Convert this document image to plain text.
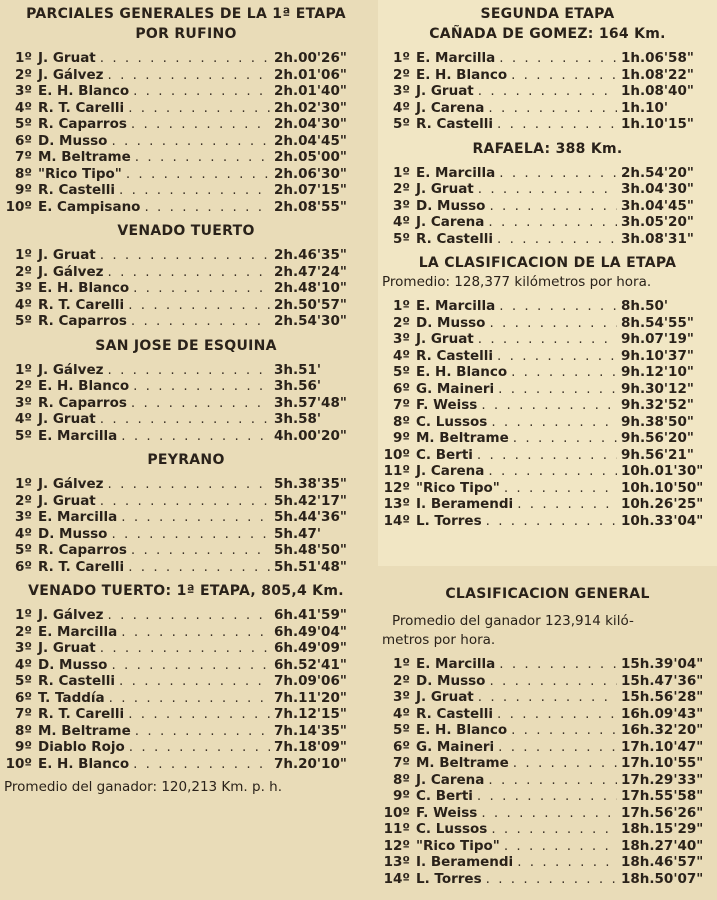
PARCIALES GENERALES DE LA 1ª ETAPA
POR RUFINO
1º J. Gruat . . .	2h.00'26"
2º J. Gálvez . . .	2h.01'06"
3º E. H. Blanco . . .	2h.01'40"
4º R. T. Carelli . . .	2h.02'30"
5º R. Caparros . . .	2h.04'30"
6º D. Musso . . .	2h.04'45"
7º M. Beltrame . . .	2h.05'00"
8º "Rico Tipo" . . .	2h.06'30"
9º R. Castelli . . .	2h.07'15"
10º E. Campisano . . .	2h.08'55"
VENADO TUERTO
1º J. Gruat . . .	2h.46'35"
2º J. Gálvez . . .	2h.47'24"
3º E. H. Blanco . . .	2h.48'10"
4º R. T. Carelli . . .	2h.50'57"
5º R. Caparros . . .	2h.54'30"
SAN JOSE DE ESQUINA
1º J. Gálvez . . .	3h.51'
2º E. H. Blanco . . .	3h.56'
3º R. Caparros . . .	3h.57'48"
4º J. Gruat . . .	3h.58'
5º E. Marcilla . . .	4h.00'20"
PEYRANO
1º J. Gálvez . . .	5h.38'35"
2º J. Gruat . . .	5h.42'17"
3º E. Marcilla . . .	5h.44'36"
4º D. Musso . . .	5h.47'
5º R. Caparros . . .	5h.48'50"
6º R. T. Carelli . . .	5h.51'48"
VENADO TUERTO: 1ª ETAPA, 805,4 Km.
1º J. Gálvez . . .	6h.41'59"
2º E. Marcilla . . .	6h.49'04"
3º J. Gruat . . .	6h.49'09"
4º D. Musso . . .	6h.52'41"
5º R. Castelli . . .	7h.09'06"
6º T. Taddía . . .	7h.11'20"
7º R. T. Carelli . . .	7h.12'15"
8º M. Beltrame . . .	7h.14'35"
9º Diablo Rojo . . .	7h.18'09"
10º E. H. Blanco . . .	7h.20'10"
Promedio del ganador: 120,213 Km. p. h.
SEGUNDA ETAPA
CAÑADA DE GOMEZ: 164 Km.
1º E. Marcilla . . .	1h.06'58"
2º E. H. Blanco . . .	1h.08'22"
3º J. Gruat . . .	1h.08'40"
4º J. Carena . . .	1h.10'
5º R. Castelli . . .	1h.10'15"
RAFAELA: 388 Km.
1º E. Marcilla . . .	2h.54'20"
2º J. Gruat . . .	3h.04'30"
3º D. Musso . . .	3h.04'45"
4º J. Carena . . .	3h.05'20"
5º R. Castelli . . .	3h.08'31"
LA CLASIFICACION DE LA ETAPA
Promedio: 128,377 kilómetros por hora.
1º E. Marcilla . . .	8h.50'
2º D. Musso . . .	8h.54'55"
3º J. Gruat . . .	9h.07'19"
4º R. Castelli . . .	9h.10'37"
5º E. H. Blanco . . .	9h.12'10"
6º G. Maineri . . .	9h.30'12"
7º F. Weiss . . .	9h.32'52"
8º C. Lussos . . .	9h.38'50"
9º M. Beltrame . . .	9h.56'20"
10º C. Berti . . .	9h.56'21"
11º J. Carena . . .	10h.01'30"
12º "Rico Tipo" . . .	10h.10'50"
13º I. Beramendi . . .	10h.26'25"
14º L. Torres . . .	10h.33'04"
CLASIFICACION GENERAL
Promedio del ganador 123,914 kiló-
metros por hora.
1º E. Marcilla . . .	15h.39'04"
2º D. Musso . . .	15h.47'36"
3º J. Gruat . . .	15h.56'28"
4º R. Castelli . . .	16h.09'43"
5º E. H. Blanco . . .	16h.32'20"
6º G. Maineri . . .	17h.10'47"
7º M. Beltrame . . .	17h.10'55"
8º J. Carena . . .	17h.29'33"
9º C. Berti . . .	17h.55'58"
10º F. Weiss . . .	17h.56'26"
11º C. Lussos . . .	18h.15'29"
12º "Rico Tipo" . . .	18h.27'40"
13º I. Beramendi . . .	18h.46'57"
14º L. Torres . . .	18h.50'07"
